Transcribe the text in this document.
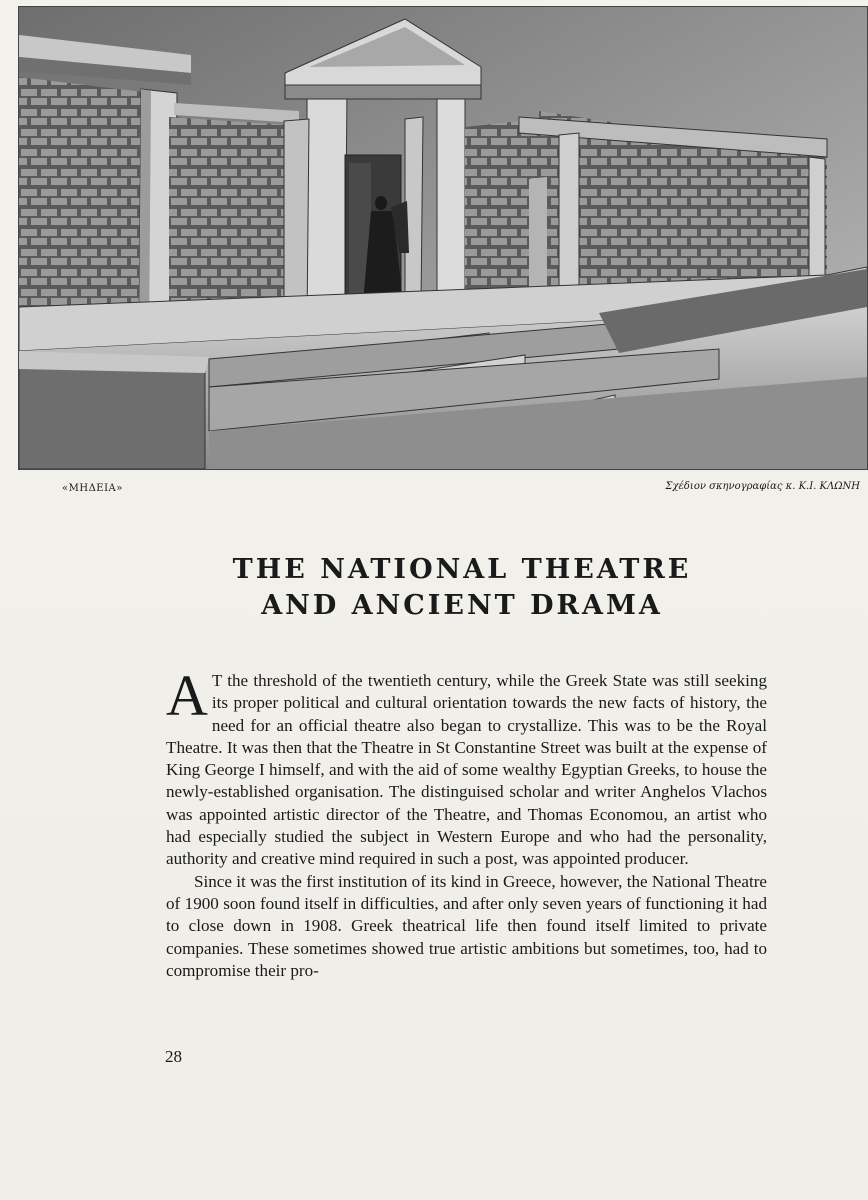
«ΜΗΔΕΙΑ»	Σχέδιον σκηνογραφίας κ. Κ.Ι. ΚΛΩΝΗ
THE NATIONAL THEATRE
AND ANCIENT DRAMA

A T the threshold of the twentieth century, while the Greek State was still seeking its proper political and cultural orientation towards the new facts of history, the need for an official theatre also began to crystallize. This was to be the Royal Theatre. It was then that the Theatre in St Constantine Street was built at the expense of King George I himself, and with the aid of some wealthy Egyptian Greeks, to house the newly-established organisation. The distinguised scholar and writer Anghelos Vlachos was appointed artistic director of the Theatre, and Thomas Economou, an artist who had especially studied the subject in Western Europe and who had the personality, authority and creative mind required in such a post, was appointed producer.

Since it was the first institution of its kind in Greece, however, the National Theatre of 1900 soon found itself in difficulties, and after only seven years of functioning it had to close down in 1908. Greek theatrical life then found itself limited to private companies. These sometimes showed true artistic ambitions but sometimes, too, had to compromise their pro-

28
